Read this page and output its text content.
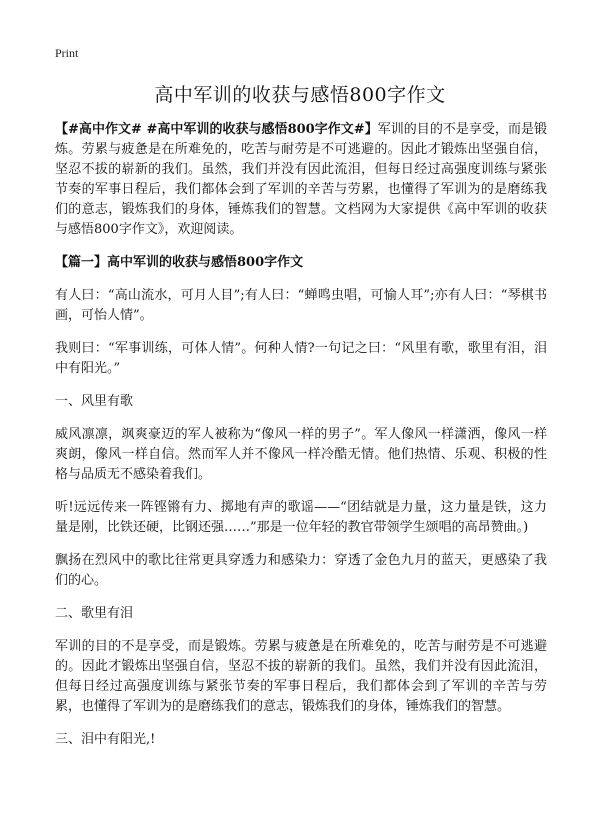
Print
高中军训的收获与感悟800字作文

【#高中作文# #高中军训的收获与感悟800字作文#】军训的目的不是享受，而是锻炼。劳累与疲惫是在所难免的，吃苦与耐劳是不可逃避的。因此才锻炼出坚强自信，坚忍不拔的崭新的我们。虽然，我们并没有因此流泪，但每日经过高强度训练与紧张节奏的军事日程后，我们都体会到了军训的辛苦与劳累，也懂得了军训为的是磨练我们的意志，锻炼我们的身体，锤炼我们的智慧。文档网为大家提供《高中军训的收获与感悟800字作文》，欢迎阅读。

【篇一】高中军训的收获与感悟800字作文

有人曰：“高山流水，可月人目”;有人曰：“蝉鸣虫唱，可愉人耳”;亦有人曰：“琴棋书画，可怡人情”。

我则曰：“军事训练，可体人情”。何种人情?一句记之曰：“风里有歌，歌里有泪，泪中有阳光。”

一、风里有歌

威风凛凛，飒爽豪迈的军人被称为“像风一样的男子”。军人像风一样潇洒，像风一样爽朗，像风一样自信。然而军人并不像风一样冷酷无情。他们热情、乐观、积极的性格与品质无不感染着我们。

听!远远传来一阵铿锵有力、掷地有声的歌谣——“团结就是力量，这力量是铁，这力量是刚，比铁还硬，比钢还强……”那是一位年轻的教官带领学生颂唱的高昂赞曲。)

飘扬在烈风中的歌比往常更具穿透力和感染力：穿透了金色九月的蓝天，更感染了我们的心。

二、歌里有泪

军训的目的不是享受，而是锻炼。劳累与疲惫是在所难免的，吃苦与耐劳是不可逃避的。因此才锻炼出坚强自信，坚忍不拔的崭新的我们。虽然，我们并没有因此流泪，但每日经过高强度训练与紧张节奏的军事日程后，我们都体会到了军训的辛苦与劳累，也懂得了军训为的是磨练我们的意志，锻炼我们的身体，锤炼我们的智慧。

三、泪中有阳光,!
